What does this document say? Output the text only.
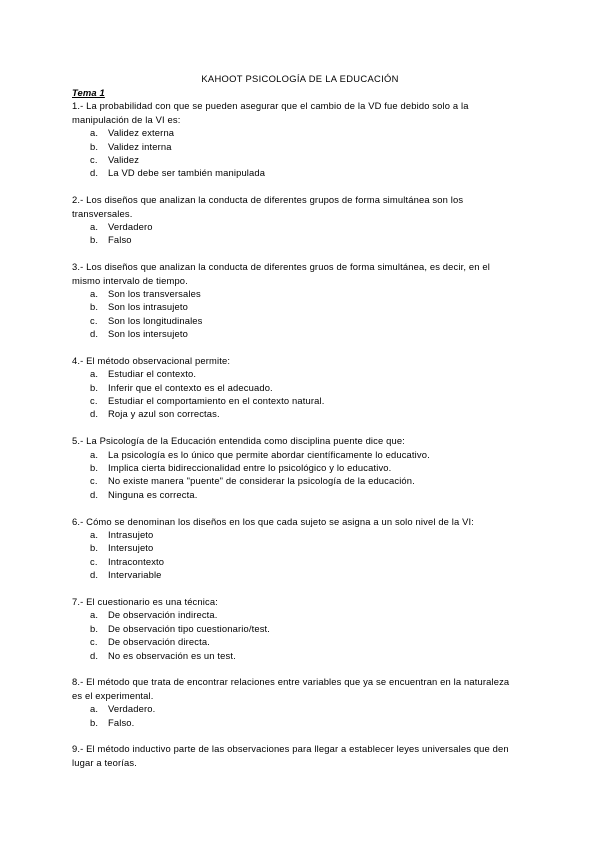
KAHOOT PSICOLOGÍA DE LA EDUCACIÓN
Tema 1
1.- La probabilidad con que se pueden asegurar que el cambio de la VD fue debido solo a la
manipulación de la VI es:
a. Validez externa
b. Validez interna
c. Validez
d. La VD debe ser también manipulada
2.- Los diseños que analizan la conducta de diferentes grupos de forma simultánea son los
transversales.
a. Verdadero
b. Falso
3.- Los diseños que analizan la conducta de diferentes gruos de forma simultánea, es decir, en el
mismo intervalo de tiempo.
a. Son los transversales
b. Son los intrasujeto
c. Son los longitudinales
d. Son los intersujeto
4.- El método observacional permite:
a. Estudiar el contexto.
b. Inferir que el contexto es el adecuado.
c. Estudiar el comportamiento en el contexto natural.
d. Roja y azul son correctas.
5.- La Psicología de la Educación entendida como disciplina puente dice que:
a. La psicología es lo único que permite abordar científicamente lo educativo.
b. Implica cierta bidireccionalidad entre lo psicológico y lo educativo.
c. No existe manera "puente" de considerar la psicología de la educación.
d. Ninguna es correcta.
6.- Cómo se denominan los diseños en los que cada sujeto se asigna a un solo nivel de la VI:
a. Intrasujeto
b. Intersujeto
c. Intracontexto
d. Intervariable
7.- El cuestionario es una técnica:
a. De observación indirecta.
b. De observación tipo cuestionario/test.
c. De observación directa.
d. No es observación es un test.
8.- El método que trata de encontrar relaciones entre variables que ya se encuentran en la naturaleza
es el experimental.
a. Verdadero.
b. Falso.
9.- El método inductivo parte de las observaciones para llegar a establecer leyes universales que den
lugar a teorías.
